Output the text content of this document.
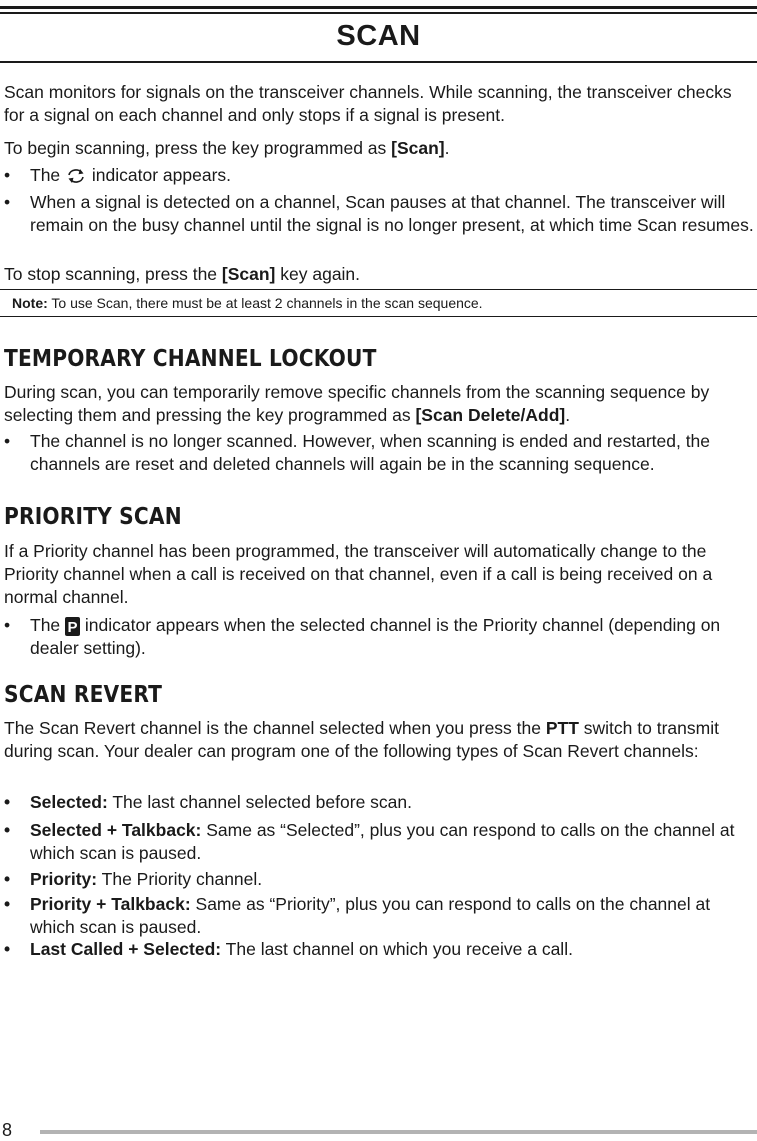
SCAN

Scan monitors for signals on the transceiver channels. While scanning, the transceiver checks for a signal on each channel and only stops if a signal is present.

To begin scanning, press the key programmed as [Scan].

•	The  indicator appears.
•	When a signal is detected on a channel, Scan pauses at that channel. The transceiver will remain on the busy channel until the signal is no longer present, at which time Scan resumes.

To stop scanning, press the [Scan] key again.

Note: To use Scan, there must be at least 2 channels in the scan sequence.
TEMPORARY CHANNEL LOCKOUT

During scan, you can temporarily remove specific channels from the scanning sequence by selecting them and pressing the key programmed as [Scan Delete/Add].

•	The channel is no longer scanned. However, when scanning is ended and restarted, the channels are reset and deleted channels will again be in the scanning sequence.
PRIORITY SCAN

If a Priority channel has been programmed, the transceiver will automatically change to the Priority channel when a call is received on that channel, even if a call is being received on a normal channel.

•	The P indicator appears when the selected channel is the Priority channel (depending on dealer setting).
SCAN REVERT

The Scan Revert channel is the channel selected when you press the PTT switch to transmit during scan. Your dealer can program one of the following types of Scan Revert channels:

•	Selected: The last channel selected before scan.
•	Selected + Talkback: Same as “Selected”, plus you can respond to calls on the channel at which scan is paused.
•	Priority: The Priority channel.
•	Priority + Talkback: Same as “Priority”, plus you can respond to calls on the channel at which scan is paused.
•	Last Called + Selected: The last channel on which you receive a call.
8
